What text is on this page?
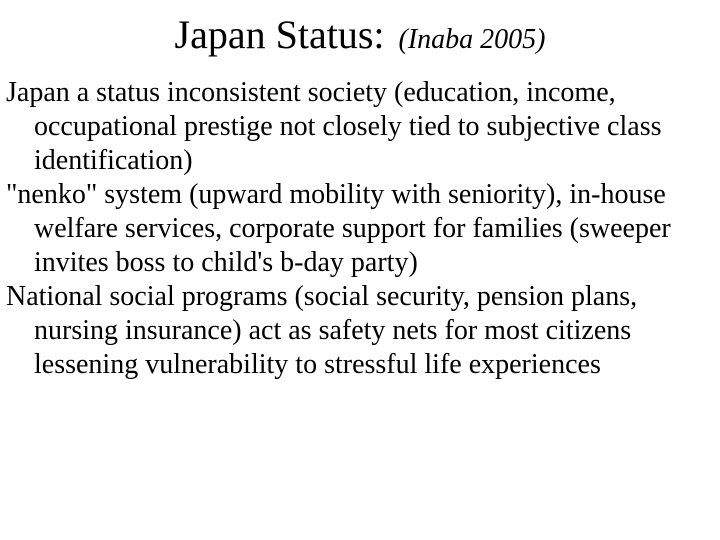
Japan Status: (Inaba 2005)
Japan a status inconsistent society (education, income, occupational prestige not closely tied to subjective class identification)
"nenko" system (upward mobility with seniority), in-house welfare services, corporate support for families (sweeper invites boss to child's b-day party)
National social programs (social security, pension plans, nursing insurance) act as safety nets for most citizens lessening vulnerability to stressful life experiences
